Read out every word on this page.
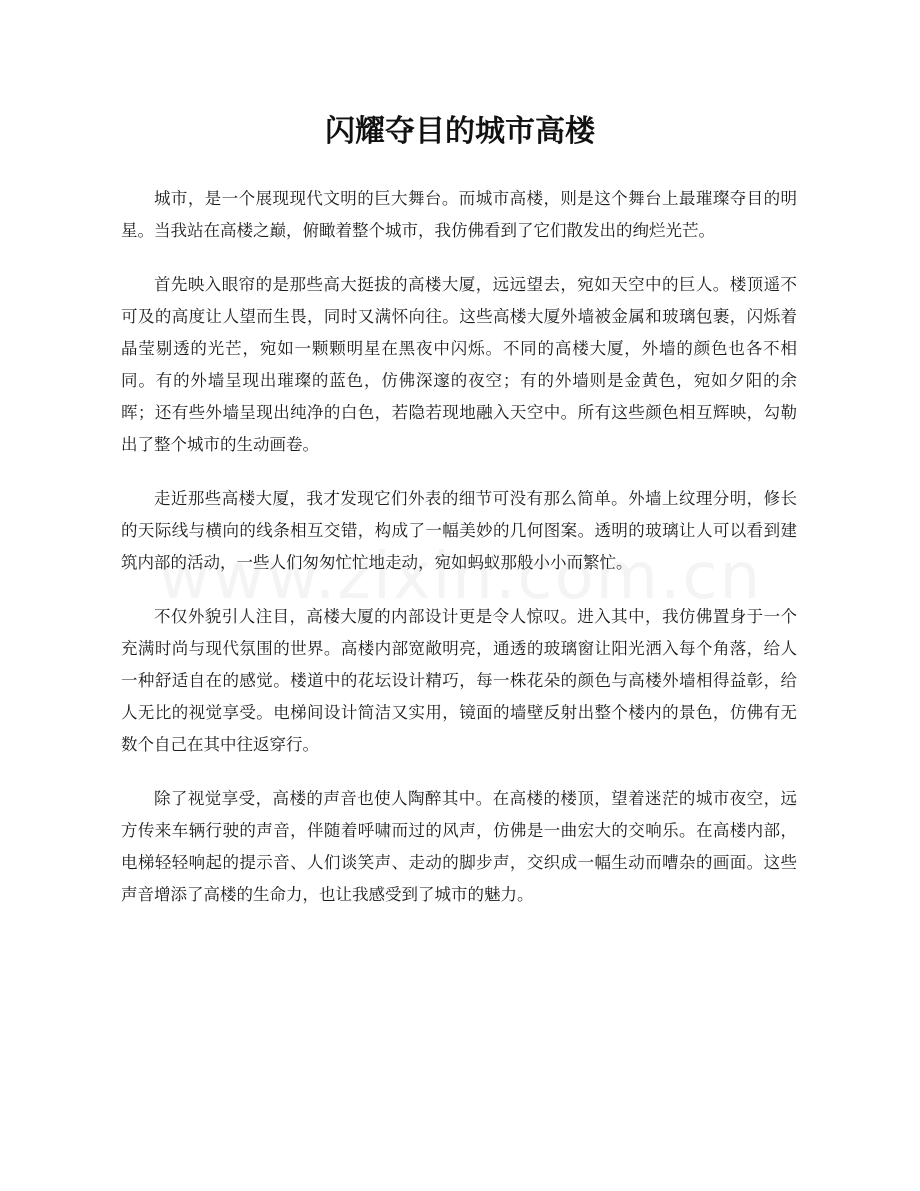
闪耀夺目的城市高楼

城市，是一个展现现代文明的巨大舞台。而城市高楼，则是这个舞台上最璀璨夺目的明星。当我站在高楼之巅，俯瞰着整个城市，我仿佛看到了它们散发出的绚烂光芒。

首先映入眼帘的是那些高大挺拔的高楼大厦，远远望去，宛如天空中的巨人。楼顶遥不可及的高度让人望而生畏，同时又满怀向往。这些高楼大厦外墙被金属和玻璃包裹，闪烁着晶莹剔透的光芒，宛如一颗颗明星在黑夜中闪烁。不同的高楼大厦，外墙的颜色也各不相同。有的外墙呈现出璀璨的蓝色，仿佛深邃的夜空；有的外墙则是金黄色，宛如夕阳的余晖；还有些外墙呈现出纯净的白色，若隐若现地融入天空中。所有这些颜色相互辉映，勾勒出了整个城市的生动画卷。

走近那些高楼大厦，我才发现它们外表的细节可没有那么简单。外墙上纹理分明，修长的天际线与横向的线条相互交错，构成了一幅美妙的几何图案。透明的玻璃让人可以看到建筑内部的活动，一些人们匆匆忙忙地走动，宛如蚂蚁那般小小而繁忙。

不仅外貌引人注目，高楼大厦的内部设计更是令人惊叹。进入其中，我仿佛置身于一个充满时尚与现代氛围的世界。高楼内部宽敞明亮，通透的玻璃窗让阳光洒入每个角落，给人一种舒适自在的感觉。楼道中的花坛设计精巧，每一株花朵的颜色与高楼外墙相得益彰，给人无比的视觉享受。电梯间设计简洁又实用，镜面的墙壁反射出整个楼内的景色，仿佛有无数个自己在其中往返穿行。

除了视觉享受，高楼的声音也使人陶醉其中。在高楼的楼顶，望着迷茫的城市夜空，远方传来车辆行驶的声音，伴随着呼啸而过的风声，仿佛是一曲宏大的交响乐。在高楼内部，电梯轻轻响起的提示音、人们谈笑声、走动的脚步声，交织成一幅生动而嘈杂的画面。这些声音增添了高楼的生命力，也让我感受到了城市的魅力。
